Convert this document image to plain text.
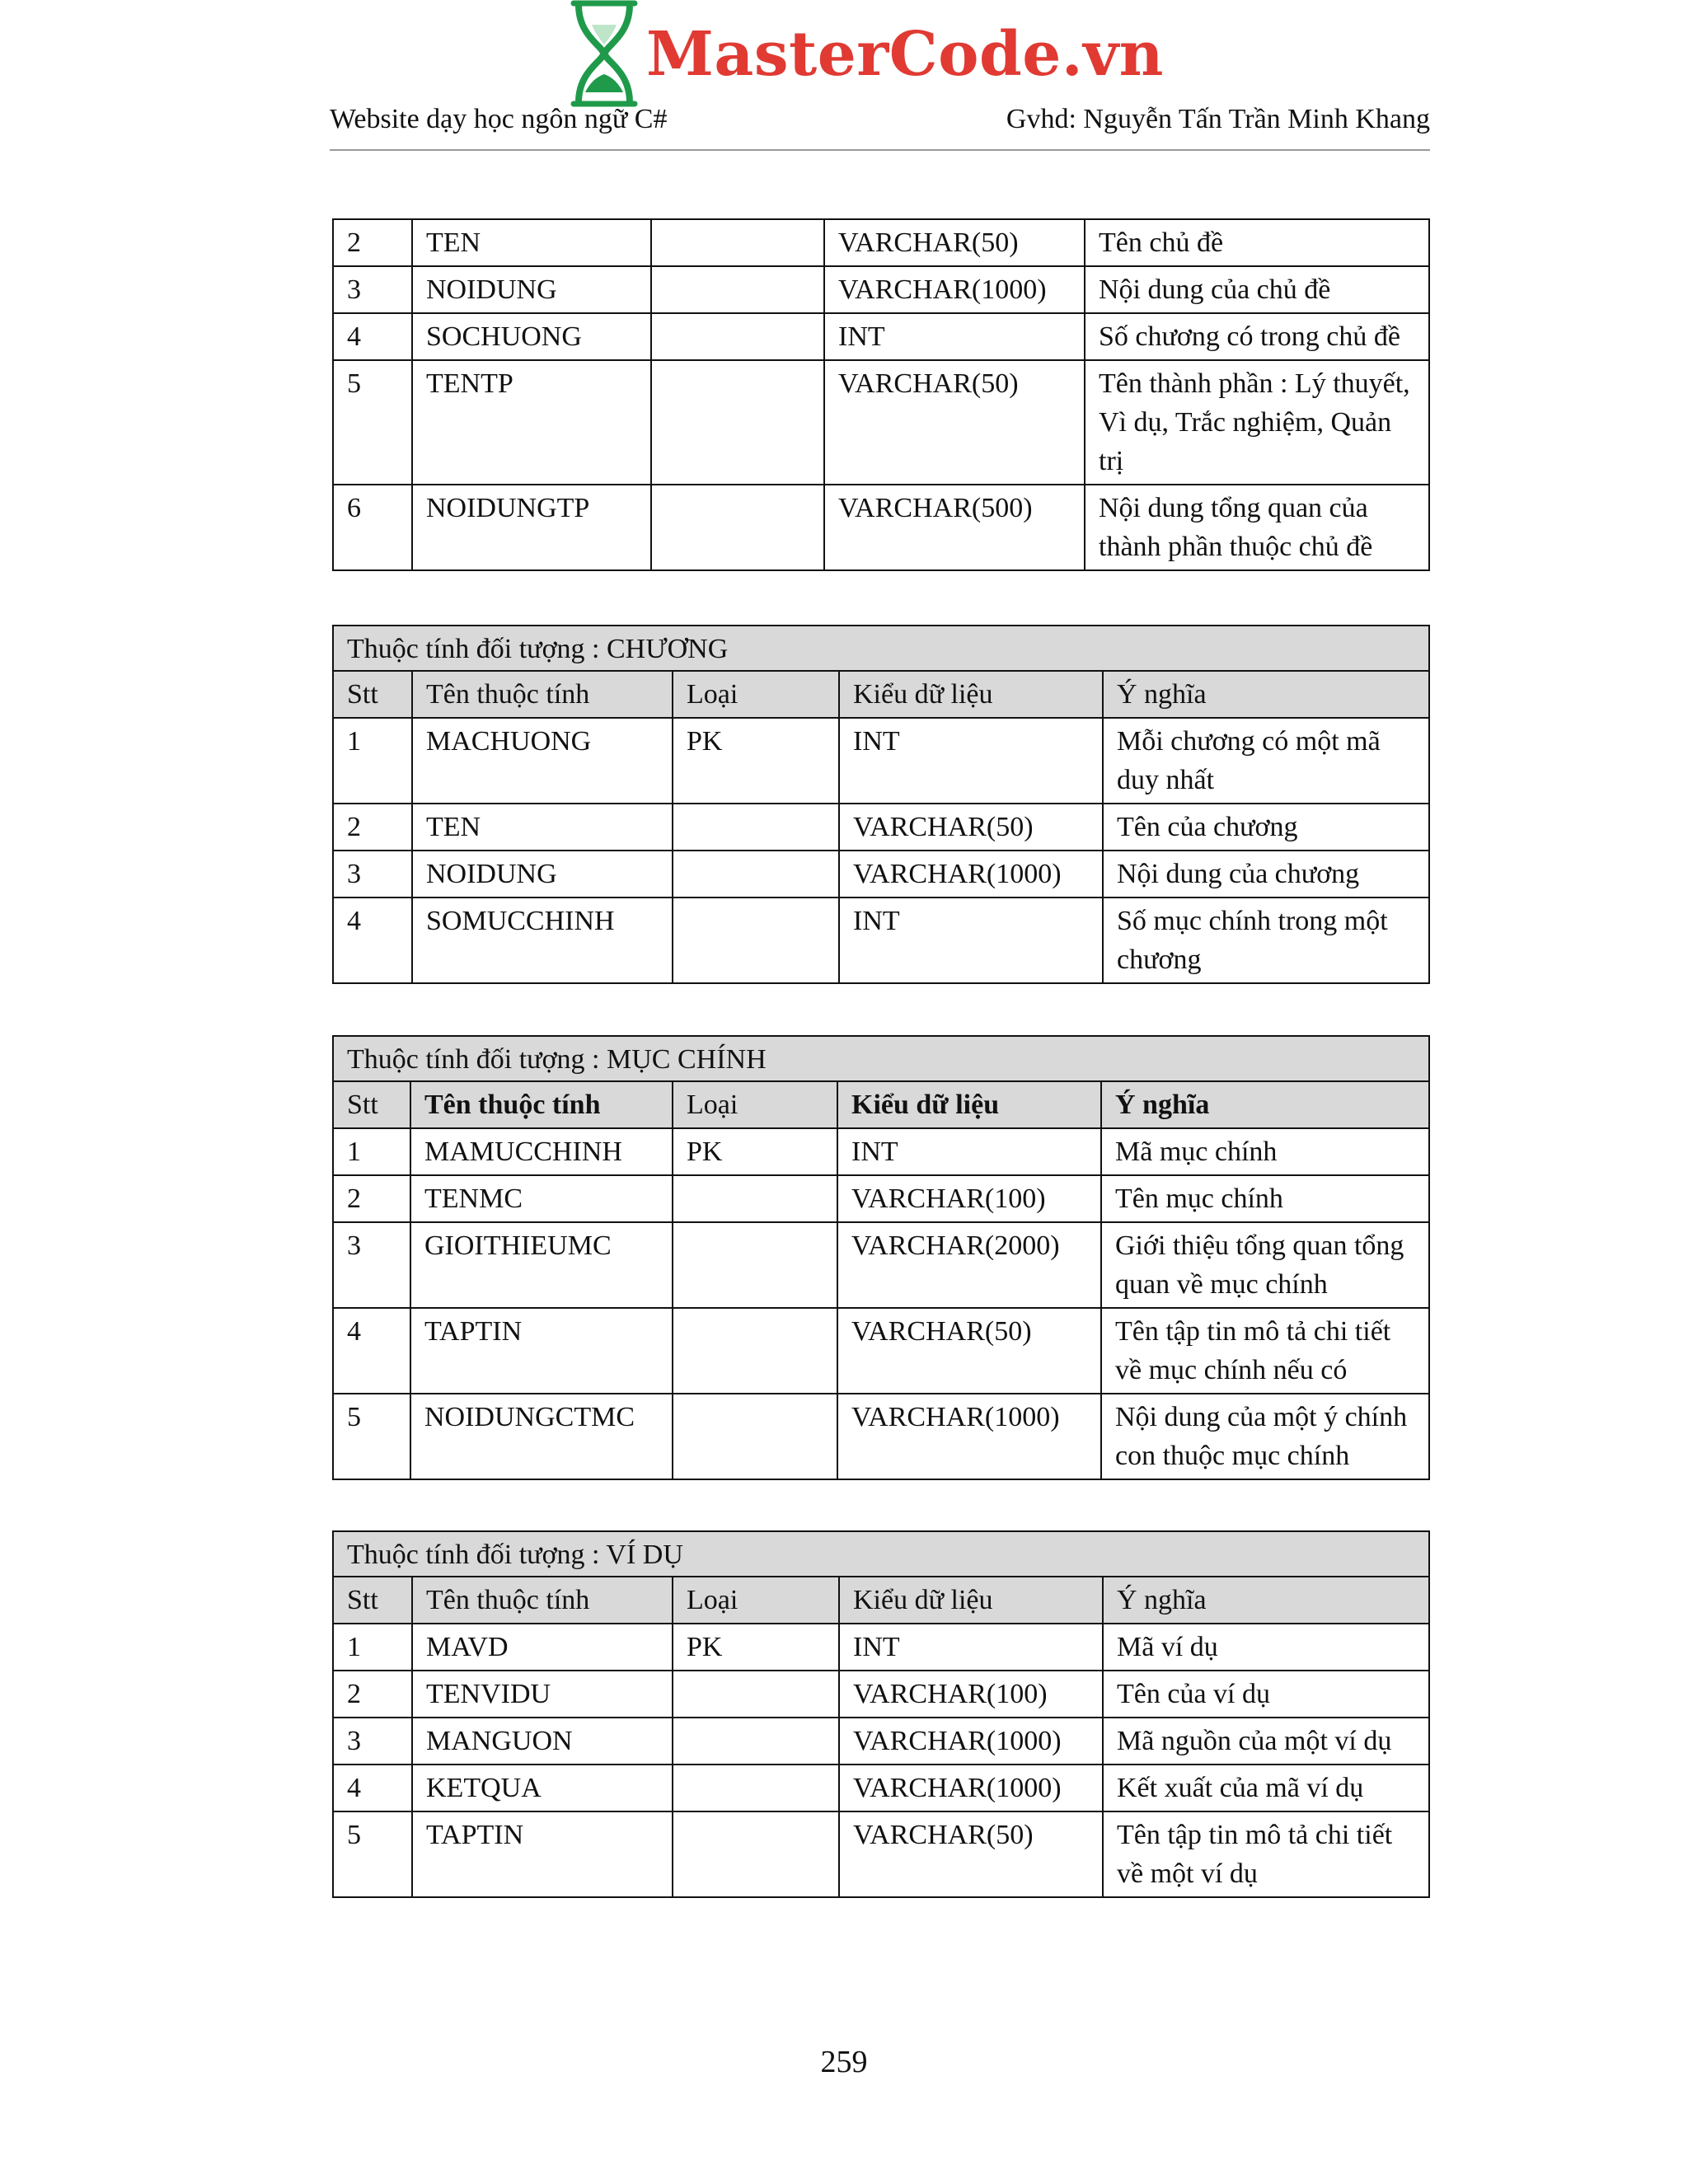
MasterCode.vn
Website dạy học ngôn ngữ C#	Gvhd: Nguyễn Tấn Trần Minh Khang
2	TEN		VARCHAR(50)	Tên chủ đề
3	NOIDUNG		VARCHAR(1000)	Nội dung của chủ đề
4	SOCHUONG		INT	Số chương có trong chủ đề
5	TENTP		VARCHAR(50)	Tên thành phần : Lý thuyết, Vì dụ, Trắc nghiệm, Quản trị
6	NOIDUNGTP		VARCHAR(500)	Nội dung tổng quan của thành phần thuộc chủ đề
Thuộc tính đối tượng : CHƯƠNG				
Stt	Tên thuộc tính	Loại	Kiểu dữ liệu	Ý nghĩa
1	MACHUONG	PK	INT	Mỗi chương có một mã duy nhất
2	TEN		VARCHAR(50)	Tên của chương
3	NOIDUNG		VARCHAR(1000)	Nội dung của chương
4	SOMUCCHINH		INT	Số mục chính trong một chương
Thuộc tính đối tượng : MỤC CHÍNH				
Stt	Tên thuộc tính	Loại	Kiểu dữ liệu	Ý nghĩa
1	MAMUCCHINH	PK	INT	Mã mục chính
2	TENMC		VARCHAR(100)	Tên mục chính
3	GIOITHIEUMC		VARCHAR(2000)	Giới thiệu tổng quan tổng quan về mục chính
4	TAPTIN		VARCHAR(50)	Tên tập tin mô tả chi tiết về mục chính nếu có
5	NOIDUNGCTMC		VARCHAR(1000)	Nội dung của một ý chính con thuộc mục chính
Thuộc tính đối tượng : VÍ DỤ				
Stt	Tên thuộc tính	Loại	Kiểu dữ liệu	Ý nghĩa
1	MAVD	PK	INT	Mã ví dụ
2	TENVIDU		VARCHAR(100)	Tên của ví dụ
3	MANGUON		VARCHAR(1000)	Mã nguồn của một ví dụ
4	KETQUA		VARCHAR(1000)	Kết xuất của mã ví dụ
5	TAPTIN		VARCHAR(50)	Tên tập tin mô tả chi tiết về một ví dụ
259
